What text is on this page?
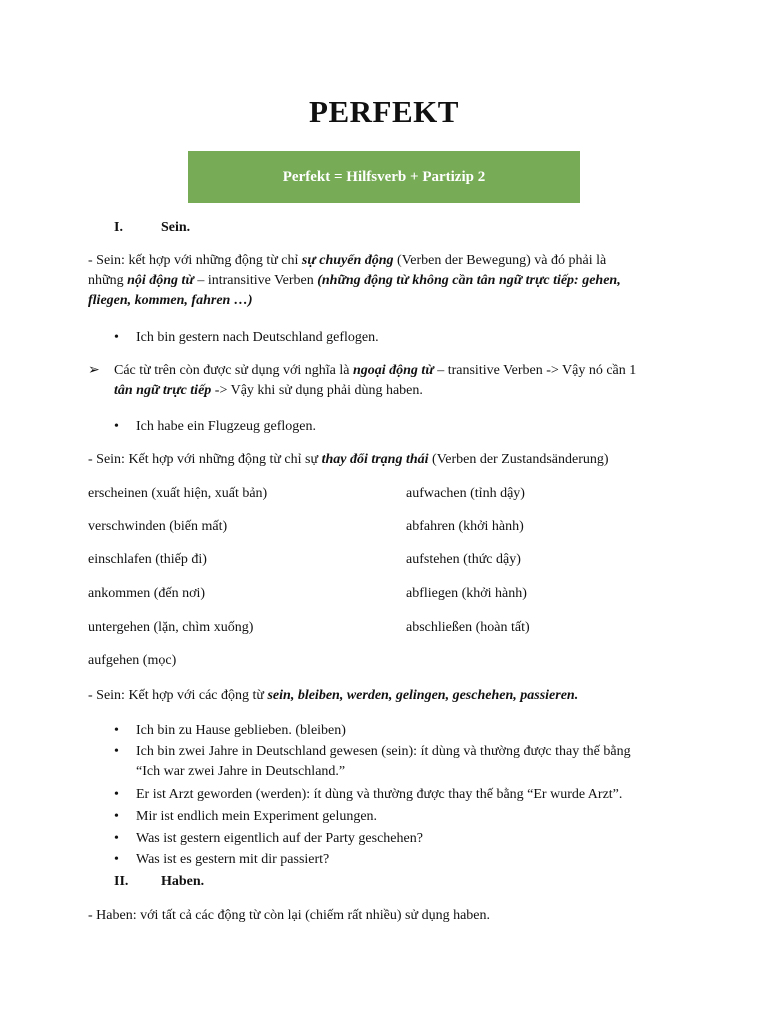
PERFEKT
Perfekt = Hilfsverb + Partizip 2
I.	Sein.
- Sein: kết hợp với những động từ chỉ sự chuyển động (Verben der Bewegung) và đó phải là
những nội động từ – intransitive Verben (những động từ không cần tân ngữ trực tiếp: gehen,
fliegen, kommen, fahren …)
• Ich bin gestern nach Deutschland geflogen.
➢ Các từ trên còn được sử dụng với nghĩa là ngoại động từ – transitive Verben -> Vậy nó cần 1
tân ngữ trực tiếp -> Vậy khi sử dụng phải dùng haben.
• Ich habe ein Flugzeug geflogen.
- Sein: Kết hợp với những động từ chỉ sự thay đổi trạng thái (Verben der Zustandsänderung)
erscheinen (xuất hiện, xuất bản)
verschwinden (biến mất)
einschlafen (thiếp đi)
ankommen (đến nơi)
untergehen (lặn, chìm xuống)
aufgehen (mọc)
aufwachen (tỉnh dậy)
abfahren (khởi hành)
aufstehen (thức dậy)
abfliegen (khởi hành)
abschließen (hoàn tất)
- Sein: Kết hợp với các động từ sein, bleiben, werden, gelingen, geschehen, passieren.
• Ich bin zu Hause geblieben. (bleiben)
• Ich bin zwei Jahre in Deutschland gewesen (sein): ít dùng và thường được thay thế bằng
“Ich war zwei Jahre in Deutschland.”
• Er ist Arzt geworden (werden): ít dùng và thường được thay thế bằng “Er wurde Arzt”.
• Mir ist endlich mein Experiment gelungen.
• Was ist gestern eigentlich auf der Party geschehen?
• Was ist es gestern mit dir passiert?
II. Haben.
- Haben: với tất cả các động từ còn lại (chiếm rất nhiều) sử dụng haben.
